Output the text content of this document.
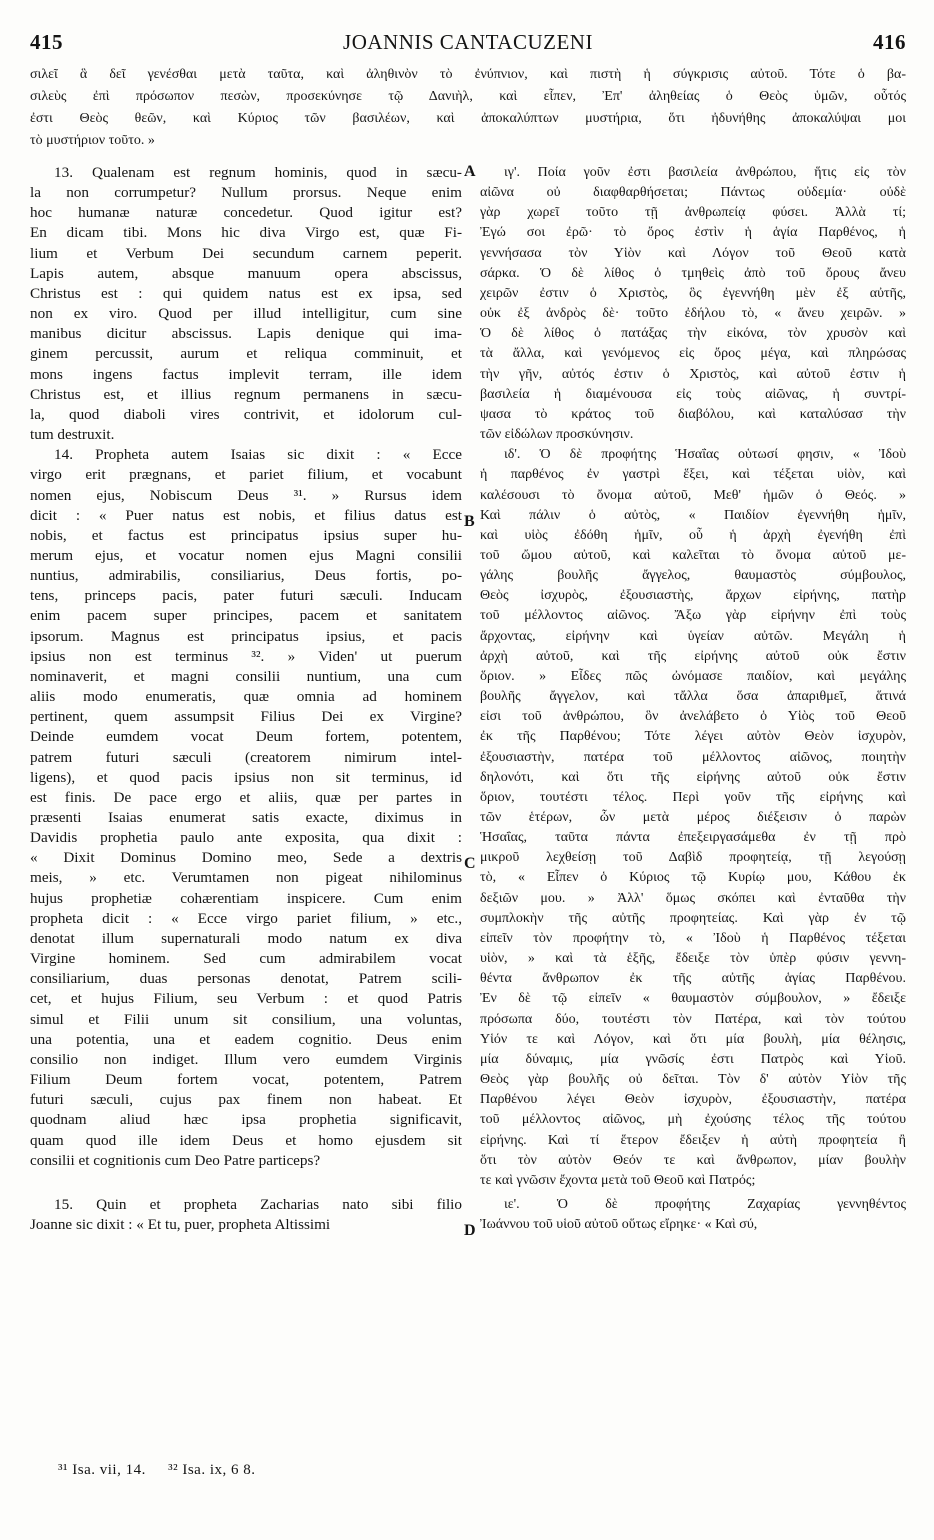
415	JOANNIS CANTACUZENI	416
σιλεῖ ἃ δεῖ γενέσθαι μετὰ ταῦτα, καὶ ἀληθινὸν τὸ ἐνύπνιον, καὶ πιστὴ ἡ σύγκρισις αὐτοῦ. Τότε ὁ βα-
σιλεὺς ἐπὶ πρόσωπον πεσὼν, προσεκύνησε τῷ Δανιὴλ, καὶ εἶπεν, Ἐπ' ἀληθείας ὁ Θεὸς ὑμῶν, οὗτός
ἐστι Θεὸς θεῶν, καὶ Κύριος τῶν βασιλέων, καὶ ἀποκαλύπτων μυστήρια, ὅτι ἠδυνήθης ἀποκαλύψαι μοι
τὸ μυστήριον τοῦτο. »
13. Qualenam est regnum hominis, quod in sæcu-
la non corrumpetur? Nullum prorsus. Neque enim
hoc humanæ naturæ concedetur. Quod igitur est?
En dicam tibi. Mons hic diva Virgo est, quæ Fi-
lium et Verbum Dei secundum carnem peperit.
Lapis autem, absque manuum opera abscissus,
Christus est : qui quidem natus est ex ipsa, sed
non ex viro. Quod per illud intelligitur, cum sine
manibus dicitur abscissus. Lapis denique qui ima-
ginem percussit, aurum et reliqua comminuit, et
mons ingens factus implevit terram, ille idem
Christus est, et illius regnum permanens in sæcu-
la, quod diaboli vires contrivit, et idolorum cul-
tum destruxit.
14. Propheta autem Isaias sic dixit : « Ecce
virgo erit prægnans, et pariet filium, et vocabunt
nomen ejus, Nobiscum Deus ³¹. » Rursus idem
dicit : « Puer natus est nobis, et filius datus est
nobis, et factus est principatus ipsius super hu-
merum ejus, et vocatur nomen ejus Magni consilii
nuntius, admirabilis, consiliarius, Deus fortis, po-
tens, princeps pacis, pater futuri sæculi. Inducam
enim pacem super principes, pacem et sanitatem
ipsorum. Magnus est principatus ipsius, et pacis
ipsius non est terminus ³². » Viden' ut puerum
nominaverit, et magni consilii nuntium, una cum
aliis modo enumeratis, quæ omnia ad hominem
pertinent, quem assumpsit Filius Dei ex Virgine?
Deinde eumdem vocat Deum fortem, potentem,
patrem futuri sæculi (creatorem nimirum intel-
ligens), et quod pacis ipsius non sit terminus, id
est finis. De pace ergo et aliis, quæ per partes in
præsenti Isaias enumerat satis exacte, diximus in
Davidis prophetia paulo ante exposita, qua dixit :
« Dixit Dominus Domino meo, Sede a dextris
meis, » etc. Verumtamen non pigeat nihilominus
hujus prophetiæ cohærentiam inspicere. Cum enim
propheta dicit : « Ecce virgo pariet filium, » etc.,
denotat illum supernaturali modo natum ex diva
Virgine hominem. Sed cum admirabilem vocat
consiliarium, duas personas denotat, Patrem scili-
cet, et hujus Filium, seu Verbum : et quod Patris
simul et Filii unum sit consilium, una voluntas,
una potentia, una et eadem cognitio. Deus enim
consilio non indiget. Illum vero eumdem Virginis
Filium Deum fortem vocat, potentem, Patrem
futuri sæculi, cujus pax finem non habeat. Et
quodnam aliud hæc ipsa prophetia significavit,
quam quod ille idem Deus et homo ejusdem sit
consilii et cognitionis cum Deo Patre particeps?
15. Quin et propheta Zacharias nato sibi filio
Joanne sic dixit : « Et tu, puer, propheta Altissimi
ιγ'. Ποία γοῦν ἐστι βασιλεία ἀνθρώπου, ἥτις εἰς τὸν
αἰῶνα οὐ διαφθαρθήσεται; Πάντως οὐδεμία· οὐδὲ
γὰρ χωρεῖ τοῦτο τῇ ἀνθρωπείᾳ φύσει. Ἀλλὰ τί;
Ἐγώ σοι ἐρῶ· τὸ ὄρος ἐστὶν ἡ ἁγία Παρθένος, ἡ
γεννήσασα τὸν Υἱὸν καὶ Λόγον τοῦ Θεοῦ κατὰ
σάρκα. Ὁ δὲ λίθος ὁ τμηθεὶς ἀπὸ τοῦ ὄρους ἄνευ
χειρῶν ἐστιν ὁ Χριστὸς, ὃς ἐγεννήθη μὲν ἐξ αὐτῆς,
οὐκ ἐξ ἀνδρὸς δὲ· τοῦτο ἐδήλου τὸ, « ἄνευ χειρῶν. »
Ὁ δὲ λίθος ὁ πατάξας τὴν εἰκόνα, τὸν χρυσὸν καὶ
τὰ ἄλλα, καὶ γενόμενος εἰς ὄρος μέγα, καὶ πληρώσας
τὴν γῆν, αὐτός ἐστιν ὁ Χριστὸς, καὶ αὐτοῦ ἐστιν ἡ
βασιλεία ἡ διαμένουσα εἰς τοὺς αἰῶνας, ἡ συντρί-
ψασα τὸ κράτος τοῦ διαβόλου, καὶ καταλύσασ τὴν
τῶν εἰδώλων προσκύνησιν.
ιδ'. Ὁ δὲ προφήτης Ἡσαΐας οὑτωσί φησιν, « Ἰδοὺ
ἡ παρθένος ἐν γαστρὶ ἕξει, καὶ τέξεται υἱὸν, καὶ
καλέσουσι τὸ ὄνομα αὐτοῦ, Μεθ' ἡμῶν ὁ Θεός. »
Καὶ πάλιν ὁ αὐτὸς, « Παιδίον ἐγεννήθη ἡμῖν,
καὶ υἱὸς ἐδόθη ἡμῖν, οὗ ἡ ἀρχὴ ἐγενήθη ἐπὶ
τοῦ ὤμου αὐτοῦ, καὶ καλεῖται τὸ ὄνομα αὐτοῦ με-
γάλης βουλῆς ἄγγελος, θαυμαστὸς σύμβουλος,
Θεὸς ἰσχυρὸς, ἐξουσιαστὴς, ἄρχων εἰρήνης, πατὴρ
τοῦ μέλλοντος αἰῶνος. Ἄξω γὰρ εἰρήνην ἐπὶ τοὺς
ἄρχοντας, εἰρήνην καὶ ὑγείαν αὐτῶν. Μεγάλη ἡ
ἀρχὴ αὐτοῦ, καὶ τῆς εἰρήνης αὐτοῦ οὐκ ἔστιν
ὅριον. » Εἶδες πῶς ὠνόμασε παιδίον, καὶ μεγάλης
βουλῆς ἄγγελον, καὶ τἄλλα ὅσα ἀπαριθμεῖ, ἅτινά
εἰσι τοῦ ἀνθρώπου, ὃν ἀνελάβετο ὁ Υἱὸς τοῦ Θεοῦ
ἐκ τῆς Παρθένου; Τότε λέγει αὐτὸν Θεὸν ἰσχυρὸν,
ἐξουσιαστὴν, πατέρα τοῦ μέλλοντος αἰῶνος, ποιητὴν
δηλονότι, καὶ ὅτι τῆς εἰρήνης αὐτοῦ οὐκ ἔστιν
ὅριον, τουτέστι τέλος. Περὶ γοῦν τῆς εἰρήνης καὶ
τῶν ἑτέρων, ὧν μετὰ μέρος διέξεισιν ὁ παρὼν
Ἡσαΐας, ταῦτα πάντα ἐπεξειργασάμεθα ἐν τῇ πρὸ
μικροῦ λεχθείσῃ τοῦ Δαβὶδ προφητείᾳ, τῇ λεγούσῃ
τὸ, « Εἶπεν ὁ Κύριος τῷ Κυρίῳ μου, Κάθου ἐκ
δεξιῶν μου. » Ἀλλ' ὅμως σκόπει καὶ ἐνταῦθα τὴν
συμπλοκὴν τῆς αὐτῆς προφητείας. Καὶ γὰρ ἐν τῷ
εἰπεῖν τὸν προφήτην τὸ, « Ἰδοὺ ἡ Παρθένος τέξεται
υἱὸν, » καὶ τὰ ἑξῆς, ἔδειξε τὸν ὑπὲρ φύσιν γεννη-
θέντα ἄνθρωπον ἐκ τῆς αὐτῆς ἁγίας Παρθένου.
Ἐν δὲ τῷ εἰπεῖν « θαυμαστὸν σύμβουλον, » ἔδειξε
πρόσωπα δύο, τουτέστι τὸν Πατέρα, καὶ τὸν τούτου
Υἱόν τε καὶ Λόγον, καὶ ὅτι μία βουλὴ, μία θέλησις,
μία δύναμις, μία γνῶσίς ἐστι Πατρὸς καὶ Υἱοῦ.
Θεὸς γὰρ βουλῆς οὐ δεῖται. Τὸν δ' αὐτὸν Υἱὸν τῆς
Παρθένου λέγει Θεὸν ἰσχυρὸν, ἐξουσιαστὴν, πατέρα
τοῦ μέλλοντος αἰῶνος, μὴ ἐχούσης τέλος τῆς τούτου
εἰρήνης. Καὶ τί ἕτερον ἔδειξεν ἡ αὐτὴ προφητεία ἢ
ὅτι τὸν αὐτὸν Θεόν τε καὶ ἄνθρωπον, μίαν βουλὴν
τε καὶ γνῶσιν ἔχοντα μετὰ τοῦ Θεοῦ καὶ Πατρός;
ιε'. Ὁ δὲ προφήτης Ζαχαρίας γεννηθέντος
Ἰωάννου τοῦ υἱοῦ αὐτοῦ οὕτως εἴρηκε· « Καὶ σύ,
A
B
C
D
³¹ Isa. vii, 14. ³² Isa. ix, 6 8.
